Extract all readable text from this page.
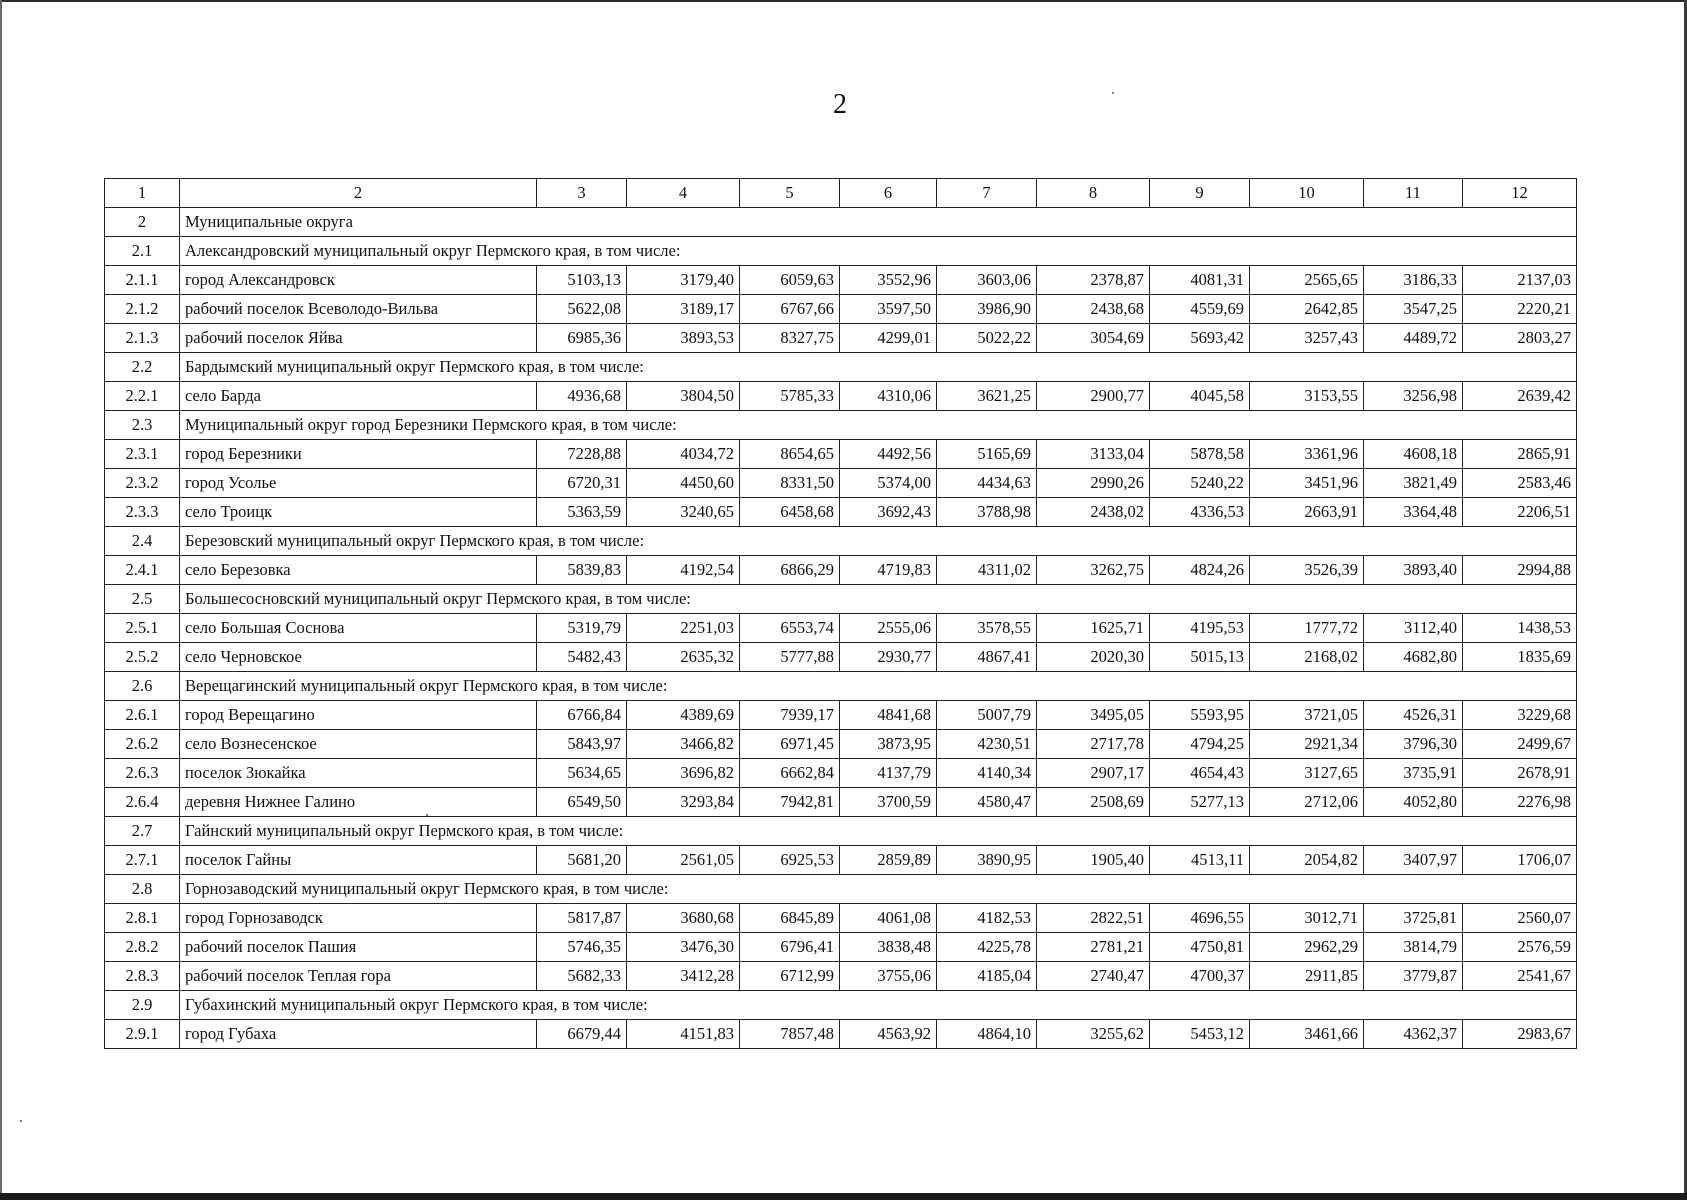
2
1	2	3	4	5	6	7	8	9	10	11	12
2	Муниципальные округа										
2.1	Александровский муниципальный округ Пермского края, в том числе:										
2.1.1	город Александровск	5103,13	3179,40	6059,63	3552,96	3603,06	2378,87	4081,31	2565,65	3186,33	2137,03
2.1.2	рабочий поселок Всеволодо-Вильва	5622,08	3189,17	6767,66	3597,50	3986,90	2438,68	4559,69	2642,85	3547,25	2220,21
2.1.3	рабочий поселок Яйва	6985,36	3893,53	8327,75	4299,01	5022,22	3054,69	5693,42	3257,43	4489,72	2803,27
2.2	Бардымский муниципальный округ Пермского края, в том числе:										
2.2.1	село Барда	4936,68	3804,50	5785,33	4310,06	3621,25	2900,77	4045,58	3153,55	3256,98	2639,42
2.3	Муниципальный округ город Березники Пермского края, в том числе:										
2.3.1	город Березники	7228,88	4034,72	8654,65	4492,56	5165,69	3133,04	5878,58	3361,96	4608,18	2865,91
2.3.2	город Усолье	6720,31	4450,60	8331,50	5374,00	4434,63	2990,26	5240,22	3451,96	3821,49	2583,46
2.3.3	село Троицк	5363,59	3240,65	6458,68	3692,43	3788,98	2438,02	4336,53	2663,91	3364,48	2206,51
2.4	Березовский муниципальный округ Пермского края, в том числе:										
2.4.1	село Березовка	5839,83	4192,54	6866,29	4719,83	4311,02	3262,75	4824,26	3526,39	3893,40	2994,88
2.5	Большесосновский муниципальный округ Пермского края, в том числе:										
2.5.1	село Большая Соснова	5319,79	2251,03	6553,74	2555,06	3578,55	1625,71	4195,53	1777,72	3112,40	1438,53
2.5.2	село Черновское	5482,43	2635,32	5777,88	2930,77	4867,41	2020,30	5015,13	2168,02	4682,80	1835,69
2.6	Верещагинский муниципальный округ Пермского края, в том числе:										
2.6.1	город Верещагино	6766,84	4389,69	7939,17	4841,68	5007,79	3495,05	5593,95	3721,05	4526,31	3229,68
2.6.2	село Вознесенское	5843,97	3466,82	6971,45	3873,95	4230,51	2717,78	4794,25	2921,34	3796,30	2499,67
2.6.3	поселок Зюкайка	5634,65	3696,82	6662,84	4137,79	4140,34	2907,17	4654,43	3127,65	3735,91	2678,91
2.6.4	деревня Нижнее Галино	6549,50	3293,84	7942,81	3700,59	4580,47	2508,69	5277,13	2712,06	4052,80	2276,98
2.7	Гайнский муниципальный округ Пермского края, в том числе:										
2.7.1	поселок Гайны	5681,20	2561,05	6925,53	2859,89	3890,95	1905,40	4513,11	2054,82	3407,97	1706,07
2.8	Горнозаводский муниципальный округ Пермского края, в том числе:										
2.8.1	город Горнозаводск	5817,87	3680,68	6845,89	4061,08	4182,53	2822,51	4696,55	3012,71	3725,81	2560,07
2.8.2	рабочий поселок Пашия	5746,35	3476,30	6796,41	3838,48	4225,78	2781,21	4750,81	2962,29	3814,79	2576,59
2.8.3	рабочий поселок Теплая гора	5682,33	3412,28	6712,99	3755,06	4185,04	2740,47	4700,37	2911,85	3779,87	2541,67
2.9	Губахинский муниципальный округ Пермского края, в том числе:										
2.9.1	город Губаха	6679,44	4151,83	7857,48	4563,92	4864,10	3255,62	5453,12	3461,66	4362,37	2983,67
